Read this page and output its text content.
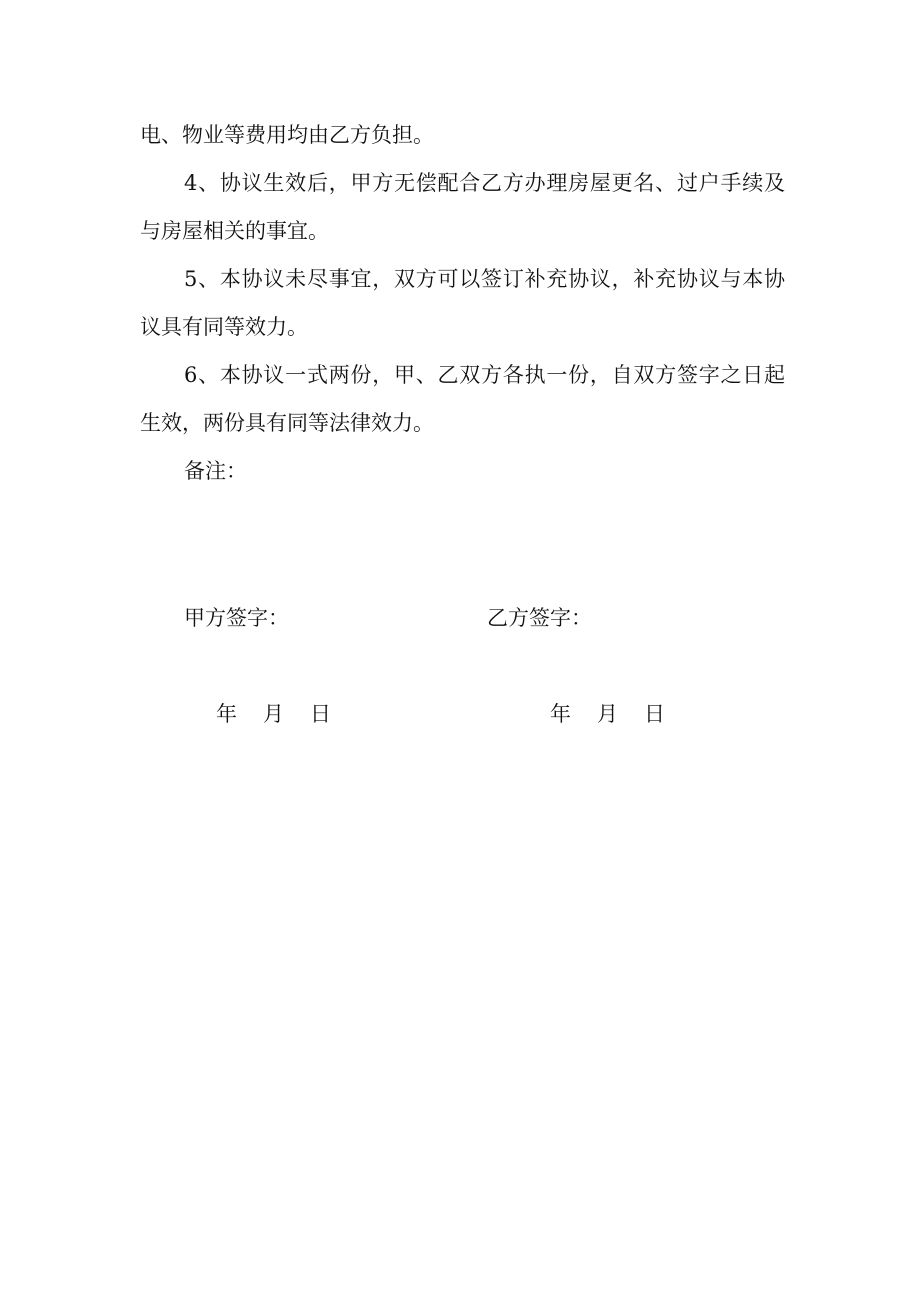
电、物业等费用均由乙方负担。
4、协议生效后，甲方无偿配合乙方办理房屋更名、过户手续及
与房屋相关的事宜。
5、本协议未尽事宜，双方可以签订补充协议，补充协议与本协
议具有同等效力。
6、本协议一式两份，甲、乙双方各执一份，自双方签字之日起
生效，两份具有同等法律效力。
备注：
甲方签字：	乙方签字：
年 月 日	年 月 日
